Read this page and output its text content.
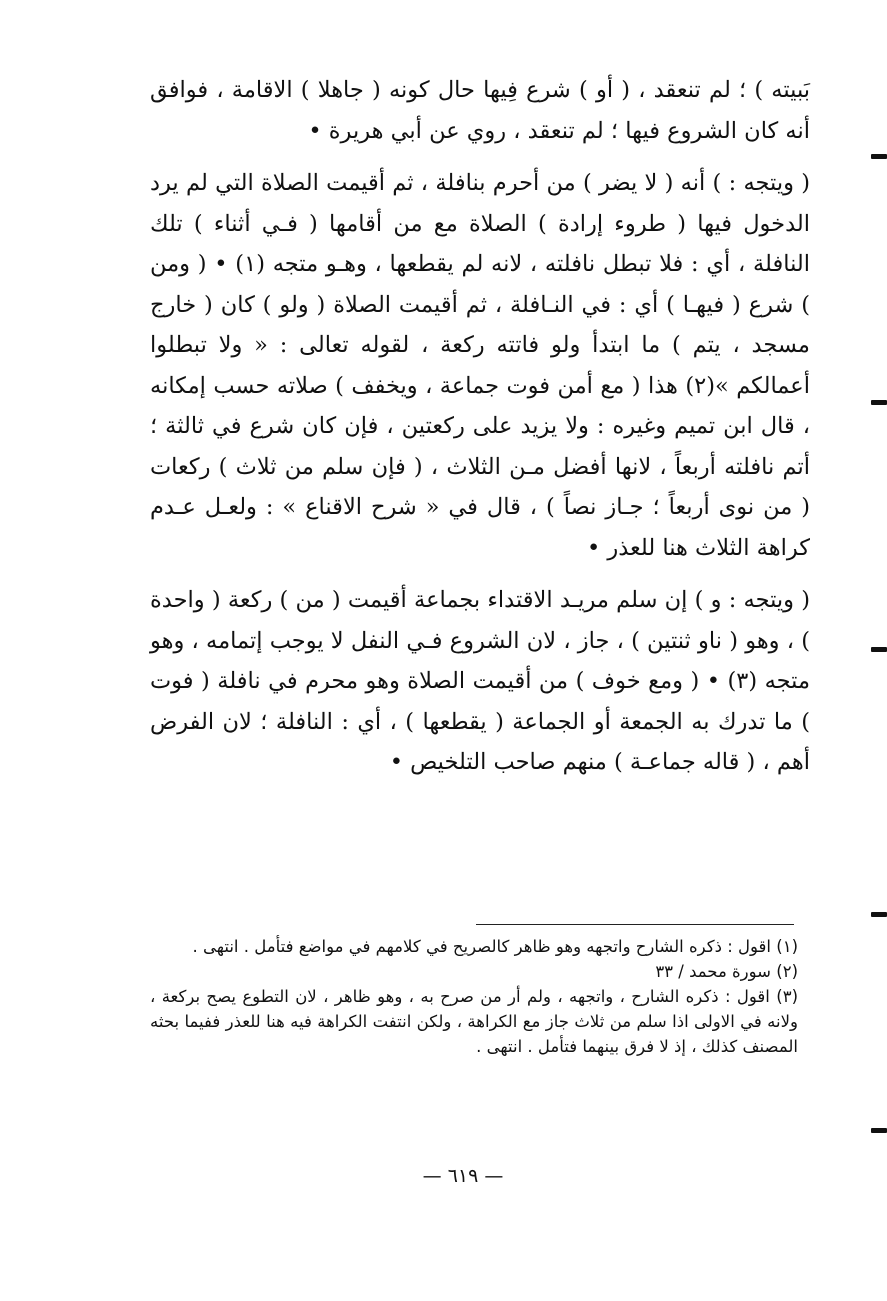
بَبيته ) ؛ لم تنعقد ، ( أو ) شرع فِيها حال كونه ( جاهلا ) الاقامة ، فوافق أنه كان الشروع فيها ؛ لم تنعقد ، روي عن أبي هريرة •

( ويتجه : ) أنه ( لا يضر ) من أحرم بنافلة ، ثم أقيمت الصلاة التي لم يرد الدخول فيها ( طروء إرادة ) الصلاة مع من أقامها ( فـي أثناء ) تلك النافلة ، أي : فلا تبطل نافلته ، لانه لم يقطعها ، وهـو متجه (١) • ( ومن ) شرع ( فيهـا ) أي : في النـافلة ، ثم أقيمت الصلاة ( ولو ) كان ( خارج مسجد ، يتم ) ما ابتدأ ولو فاتته ركعة ، لقوله تعالى : « ولا تبطلوا أعمالكم »(٢) هذا ( مع أمن فوت جماعة ، ويخفف ) صلاته حسب إمكانه ، قال ابن تميم وغيره : ولا يزيد على ركعتين ، فإن كان شرع في ثالثة ؛ أتم نافلته أربعاً ، لانها أفضل مـن الثلاث ، ( فإن سلم من ثلاث ) ركعات ( من نوى أربعاً ؛ جـاز نصاً ) ، قال في « شرح الاقناع » : ولعـل عـدم كراهة الثلاث هنا للعذر •

( ويتجه : و ) إن سلم مريـد الاقتداء بجماعة أقيمت ( من ) ركعة ( واحدة ) ، وهو ( ناو ثنتين ) ، جاز ، لان الشروع فـي النفل لا يوجب إتمامه ، وهو متجه (٣) • ( ومع خوف ) من أقيمت الصلاة وهو محرم في نافلة ( فوت ) ما تدرك به الجمعة أو الجماعة ( يقطعها ) ، أي : النافلة ؛ لان الفرض أهم ، ( قاله جماعـة ) منهم صاحب التلخيص •

(١) اقول : ذكره الشارح واتجهه وهو ظاهر كالصريح في كلامهم في مواضع فتأمل . انتهى .

(٢) سورة محمد / ٣٣

(٣) اقول : ذكره الشارح ، واتجهه ، ولم أر من صرح به ، وهو ظاهر ، لان التطوع يصح بركعة ، ولانه في الاولى اذا سلم من ثلاث جاز مع الكراهة ، ولكن انتفت الكراهة فيه هنا للعذر ففيما بحثه المصنف كذلك ، إذ لا فرق بينهما فتأمل . انتهى .

— ٦١٩ —
